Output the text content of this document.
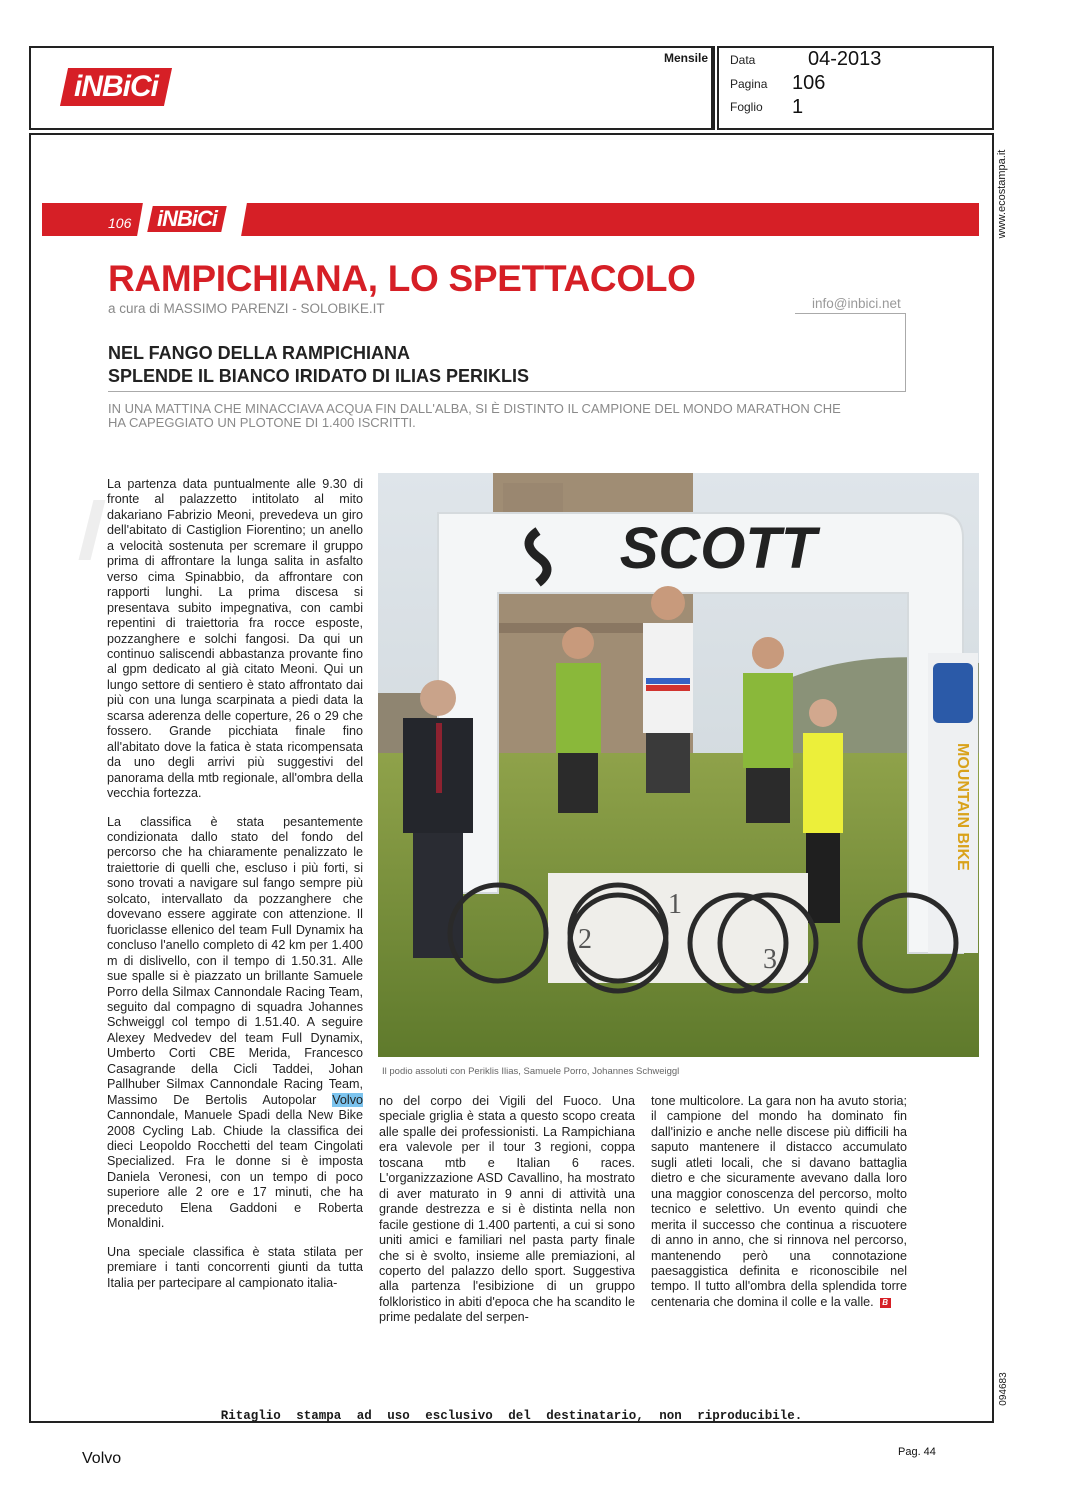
iNBiCi
Mensile Data	04-2013
Pagina 106
Foglio 1
www.ecostampa.it
094683
106	iNBiCi
RAMPICHIANA, LO SPETTACOLO
a cura di MASSIMO PARENZI - SOLOBIKE.IT	info@inbici.net
NEL FANGO DELLA RAMPICHIANA
SPLENDE IL BIANCO IRIDATO DI ILIAS PERIKLIS
IN UNA MATTINA CHE MINACCIAVA ACQUA FIN DALL'ALBA, SI È DISTINTO IL CAMPIONE DEL MONDO MARATHON CHE
HA CAPEGGIATO UN PLOTONE DI 1.400 ISCRITTI.

La partenza data puntualmente alle 9.30 di fronte al palazzetto intitolato al mito dakariano Fabrizio Meoni, prevedeva un giro dell'abitato di Castiglion Fiorentino; un anello a velocità sostenuta per scremare il gruppo prima di affrontare la lunga salita in asfalto verso cima Spinabbio, da affrontare con rapporti lunghi. La prima discesa si presentava subito impegnativa, con cambi repentini di traiettoria fra rocce esposte, pozzanghere e solchi fangosi. Da qui un continuo saliscendi abbastanza provante fino al gpm dedicato al già citato Meoni. Qui un lungo settore di sentiero è stato affrontato dai più con una lunga scarpinata a piedi data la scarsa aderenza delle coperture, 26 o 29 che fossero. Grande picchiata finale fino all'abitato dove la fatica è stata ricompensata da uno degli arrivi più suggestivi del panorama della mtb regionale, all'ombra della vecchia fortezza.

La classifica è stata pesantemente condizionata dallo stato del fondo del percorso che ha chiaramente penalizzato le traiettorie di quelli che, escluso i più forti, si sono trovati a navigare sul fango sempre più solcato, intervallato da pozzanghere che dovevano essere aggirate con attenzione. Il fuoriclasse ellenico del team Full Dynamix ha concluso l'anello completo di 42 km per 1.400 m di dislivello, con il tempo di 1.50.31. Alle sue spalle si è piazzato un brillante Samuele Porro della Silmax Cannondale Racing Team, seguito dal compagno di squadra Johannes Schweiggl col tempo di 1.51.40. A seguire Alexey Medvedev del team Full Dynamix, Umberto Corti CBE Merida, Francesco Casagrande della Cicli Taddei, Johan Pallhuber Silmax Cannondale Racing Team, Massimo De Bertolis Autopolar Volvo Cannondale, Manuele Spadi della New Bike 2008 Cycling Lab. Chiude la classifica dei dieci Leopoldo Rocchetti del team Cingolati Specialized. Fra le donne si è imposta Daniela Veronesi, con un tempo di poco superiore alle 2 ore e 17 minuti, che ha preceduto Elena Gaddoni e Roberta Monaldini.

Una speciale classifica è stata stilata per premiare i tanti concorrenti giunti da tutta Italia per partecipare al campionato italia-

SCOTT
MOUNTAIN BIKE
2
1
3
Il podio assoluti con Periklis Ilias, Samuele Porro, Johannes Schweiggl

no del corpo dei Vigili del Fuoco. Una speciale griglia è stata a questo scopo creata alle spalle dei professionisti. La Rampichiana era valevole per il tour 3 regioni, coppa toscana mtb e Italian 6 races. L'organizzazione ASD Cavallino, ha mostrato di aver maturato in 9 anni di attività una grande destrezza e si è distinta nella non facile gestione di 1.400 partenti, a cui si sono uniti amici e familiari nel pasta party finale che si è svolto, insieme alle premiazioni, al coperto del palazzo dello sport. Suggestiva alla partenza l'esibizione di un gruppo folkloristico in abiti d'epoca che ha scandito le prime pedalate del serpen-

tone multicolore. La gara non ha avuto storia; il campione del mondo ha dominato fin dall'inizio e anche nelle discese più difficili ha saputo mantenere il distacco accumulato sugli atleti locali, che si davano battaglia dietro e che sicuramente avevano dalla loro una maggior conoscenza del percorso, molto tecnico e selettivo. Un evento quindi che merita il successo che continua a riscuotere di anno in anno, che si rinnova nel percorso, mantenendo però una connotazione paesaggistica definita e riconoscibile nel tempo. Il tutto all'ombra della splendida torre centenaria che domina il colle e la valle. B

Ritaglio stampa ad uso esclusivo del destinatario, non riproducibile.
Volvo	Pag. 44
